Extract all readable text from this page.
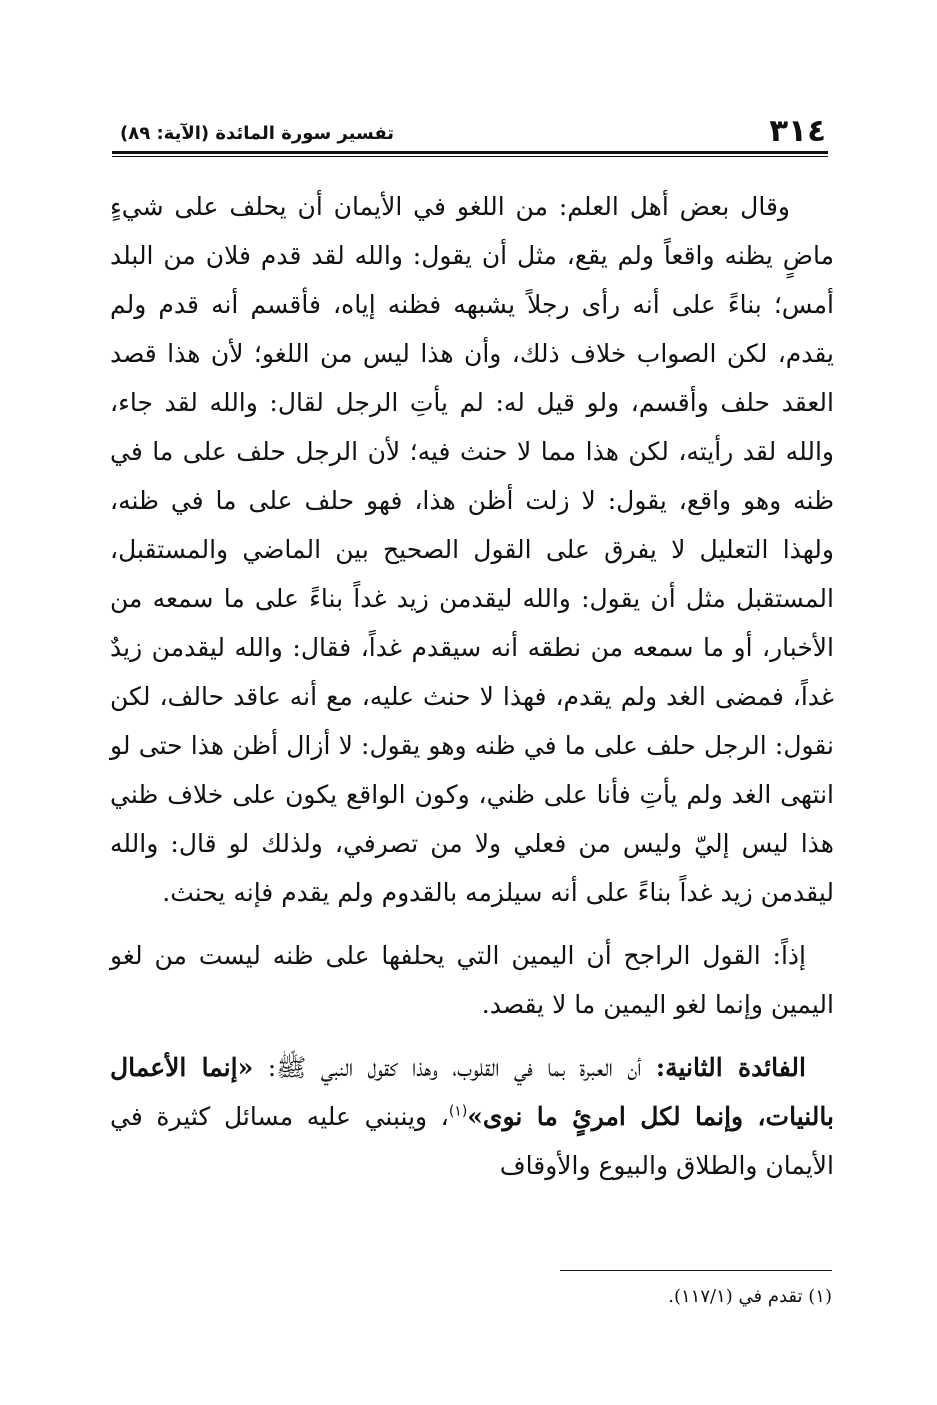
٣١٤
تفسير سورة المائدة (الآية: ٨٩)

وقال بعض أهل العلم: من اللغو في الأيمان أن يحلف على شيءٍ ماضٍ يظنه واقعاً ولم يقع، مثل أن يقول: والله لقد قدم فلان من البلد أمس؛ بناءً على أنه رأى رجلاً يشبهه فظنه إياه، فأقسم أنه قدم ولم يقدم، لكن الصواب خلاف ذلك، وأن هذا ليس من اللغو؛ لأن هذا قصد العقد حلف وأقسم، ولو قيل له: لم يأتِ الرجل لقال: والله لقد جاء، والله لقد رأيته، لكن هذا مما لا حنث فيه؛ لأن الرجل حلف على ما في ظنه وهو واقع، يقول: لا زلت أظن هذا، فهو حلف على ما في ظنه، ولهذا التعليل لا يفرق على القول الصحيح بين الماضي والمستقبل، المستقبل مثل أن يقول: والله ليقدمن زيد غداً بناءً على ما سمعه من الأخبار، أو ما سمعه من نطقه أنه سيقدم غداً، فقال: والله ليقدمن زيدٌ غداً، فمضى الغد ولم يقدم، فهذا لا حنث عليه، مع أنه عاقد حالف، لكن نقول: الرجل حلف على ما في ظنه وهو يقول: لا أزال أظن هذا حتى لو انتهى الغد ولم يأتِ فأنا على ظني، وكون الواقع يكون على خلاف ظني هذا ليس إليّ وليس من فعلي ولا من تصرفي، ولذلك لو قال: والله ليقدمن زيد غداً بناءً على أنه سيلزمه بالقدوم ولم يقدم فإنه يحنث.

إذاً: القول الراجح أن اليمين التي يحلفها على ظنه ليست من لغو اليمين وإنما لغو اليمين ما لا يقصد.

الفائدة الثانية: أن العبرة بما في القلوب، وهذا كقول النبي ﷺ: «إنما الأعمال بالنيات، وإنما لكل امرئٍ ما نوى»$^{(١)}$، وينبني عليه مسائل كثيرة في الأيمان والطلاق والبيوع والأوقاف

(١) تقدم في (١١٧/١).
